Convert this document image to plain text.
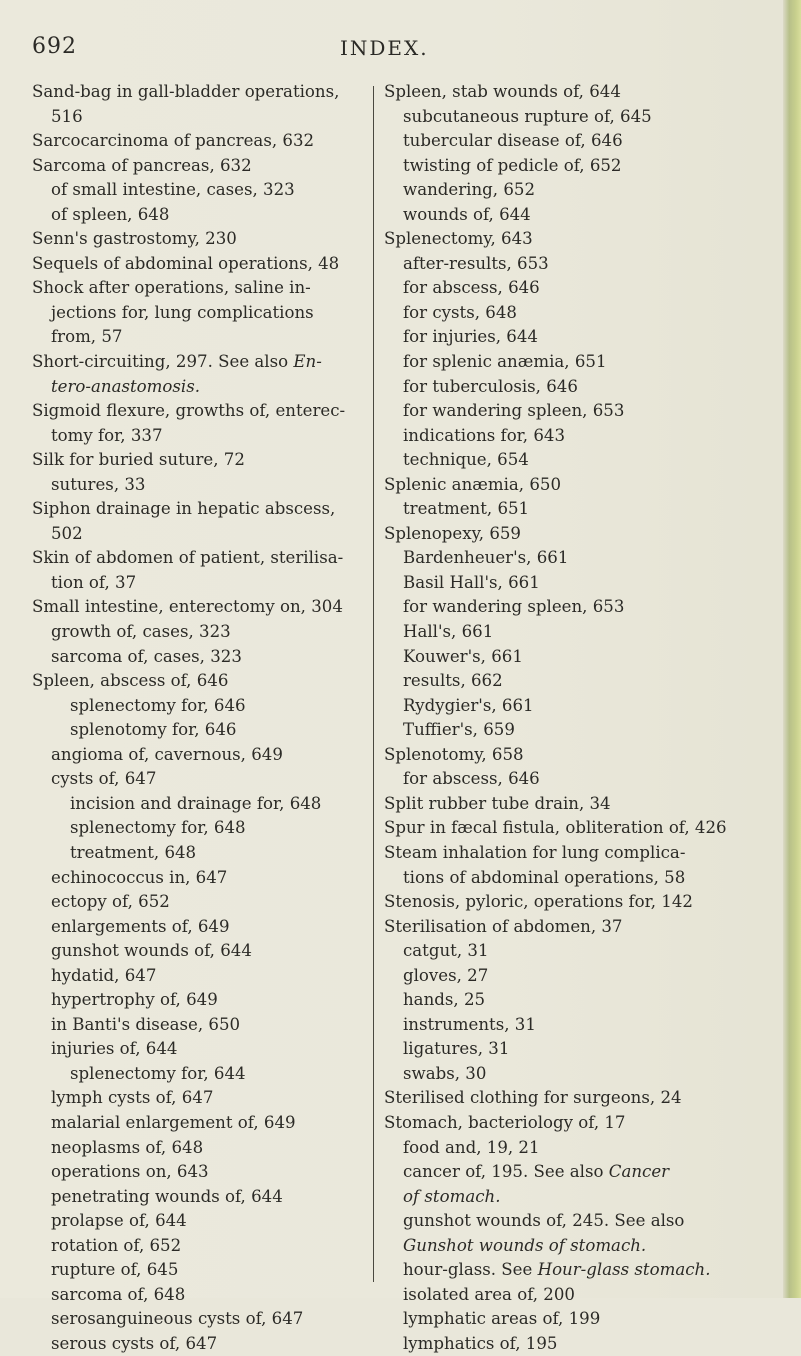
692	INDEX.
Sand-bag in gall-bladder operations,
516
Sarcocarcinoma of pancreas, 632
Sarcoma of pancreas, 632
of small intestine, cases, 323
of spleen, 648
Senn's gastrostomy, 230
Sequels of abdominal operations, 48
Shock after operations, saline in-
jections for, lung complications
from, 57
Short-circuiting, 297. See also En-
tero-anastomosis.
Sigmoid flexure, growths of, enterec-
tomy for, 337
Silk for buried suture, 72
sutures, 33
Siphon drainage in hepatic abscess,
502
Skin of abdomen of patient, sterilisa-
tion of, 37
Small intestine, enterectomy on, 304
growth of, cases, 323
sarcoma of, cases, 323
Spleen, abscess of, 646
splenectomy for, 646
splenotomy for, 646
angioma of, cavernous, 649
cysts of, 647
incision and drainage for, 648
splenectomy for, 648
treatment, 648
echinococcus in, 647
ectopy of, 652
enlargements of, 649
gunshot wounds of, 644
hydatid, 647
hypertrophy of, 649
in Banti's disease, 650
injuries of, 644
splenectomy for, 644
lymph cysts of, 647
malarial enlargement of, 649
neoplasms of, 648
operations on, 643
penetrating wounds of, 644
prolapse of, 644
rotation of, 652
rupture of, 645
sarcoma of, 648
serosanguineous cysts of, 647
serous cysts of, 647
Spleen, stab wounds of, 644
subcutaneous rupture of, 645
tubercular disease of, 646
twisting of pedicle of, 652
wandering, 652
wounds of, 644
Splenectomy, 643
after-results, 653
for abscess, 646
for cysts, 648
for injuries, 644
for splenic anæmia, 651
for tuberculosis, 646
for wandering spleen, 653
indications for, 643
technique, 654
Splenic anæmia, 650
treatment, 651
Splenopexy, 659
Bardenheuer's, 661
Basil Hall's, 661
for wandering spleen, 653
Hall's, 661
Kouwer's, 661
results, 662
Rydygier's, 661
Tuffier's, 659
Splenotomy, 658
for abscess, 646
Split rubber tube drain, 34
Spur in fæcal fistula, obliteration of, 426
Steam inhalation for lung complica-
tions of abdominal operations, 58
Stenosis, pyloric, operations for, 142
Sterilisation of abdomen, 37
catgut, 31
gloves, 27
hands, 25
instruments, 31
ligatures, 31
swabs, 30
Sterilised clothing for surgeons, 24
Stomach, bacteriology of, 17
food and, 19, 21
cancer of, 195. See also Cancer
of stomach.
gunshot wounds of, 245. See also
Gunshot wounds of stomach.
hour-glass. See Hour-glass stomach.
isolated area of, 200
lymphatic areas of, 199
lymphatics of, 195
